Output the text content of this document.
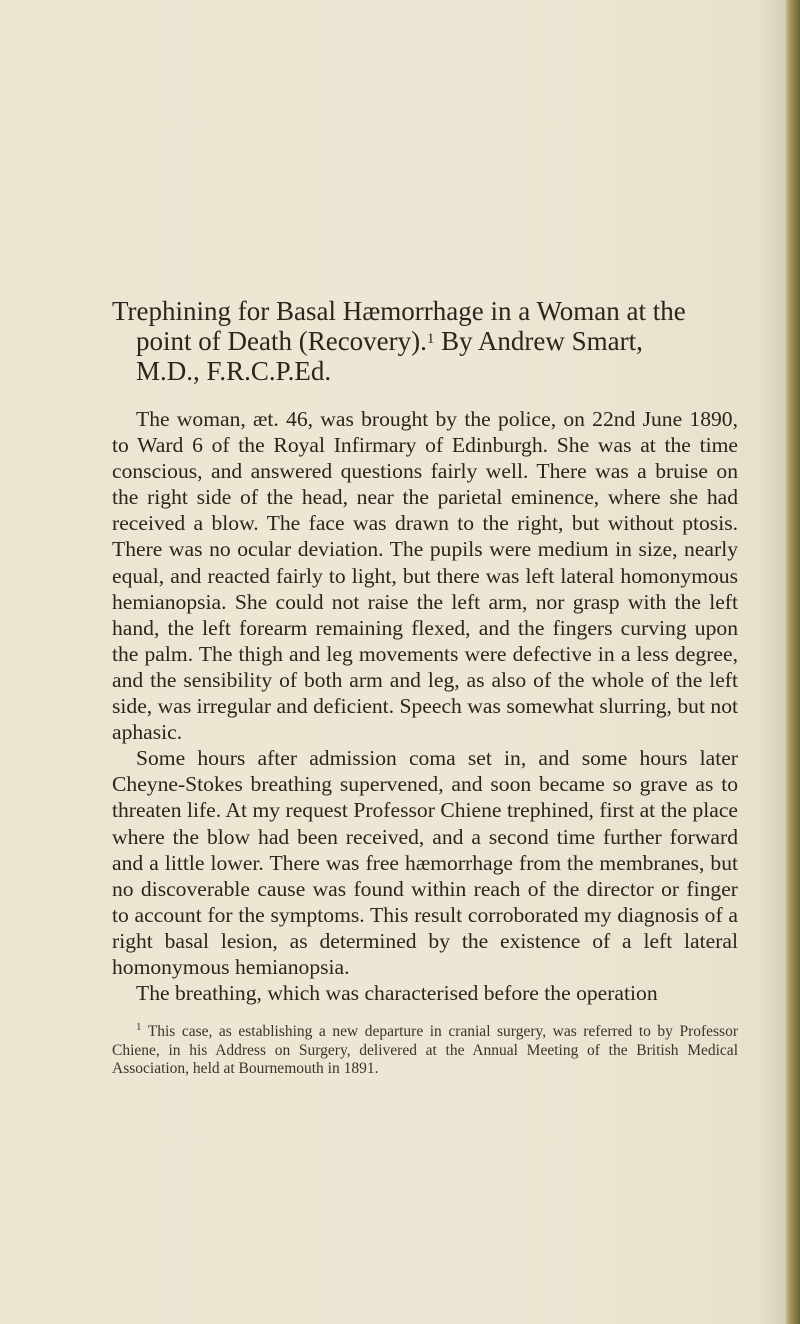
Trephining for Basal Hæmorrhage in a Woman at the
point of Death (Recovery).$^1$ By Andrew Smart,
M.D., F.R.C.P.Ed.

The woman, æt. 46, was brought by the police, on 22nd June 1890, to Ward 6 of the Royal Infirmary of Edinburgh. She was at the time conscious, and answered questions fairly well. There was a bruise on the right side of the head, near the parietal eminence, where she had received a blow. The face was drawn to the right, but without ptosis. There was no ocular deviation. The pupils were medium in size, nearly equal, and reacted fairly to light, but there was left lateral homonymous hemianopsia. She could not raise the left arm, nor grasp with the left hand, the left forearm remaining flexed, and the fingers curving upon the palm. The thigh and leg movements were defective in a less degree, and the sensibility of both arm and leg, as also of the whole of the left side, was irregular and deficient. Speech was somewhat slurring, but not aphasic.

Some hours after admission coma set in, and some hours later Cheyne-Stokes breathing supervened, and soon became so grave as to threaten life. At my request Professor Chiene trephined, first at the place where the blow had been received, and a second time further forward and a little lower. There was free hæmorrhage from the membranes, but no discoverable cause was found within reach of the director or finger to account for the symptoms. This result corroborated my diagnosis of a right basal lesion, as determined by the existence of a left lateral homonymous hemianopsia.

The breathing, which was characterised before the operation

$^1$ This case, as establishing a new departure in cranial surgery, was referred to by Professor Chiene, in his Address on Surgery, delivered at the Annual Meeting of the British Medical Association, held at Bournemouth in 1891.
